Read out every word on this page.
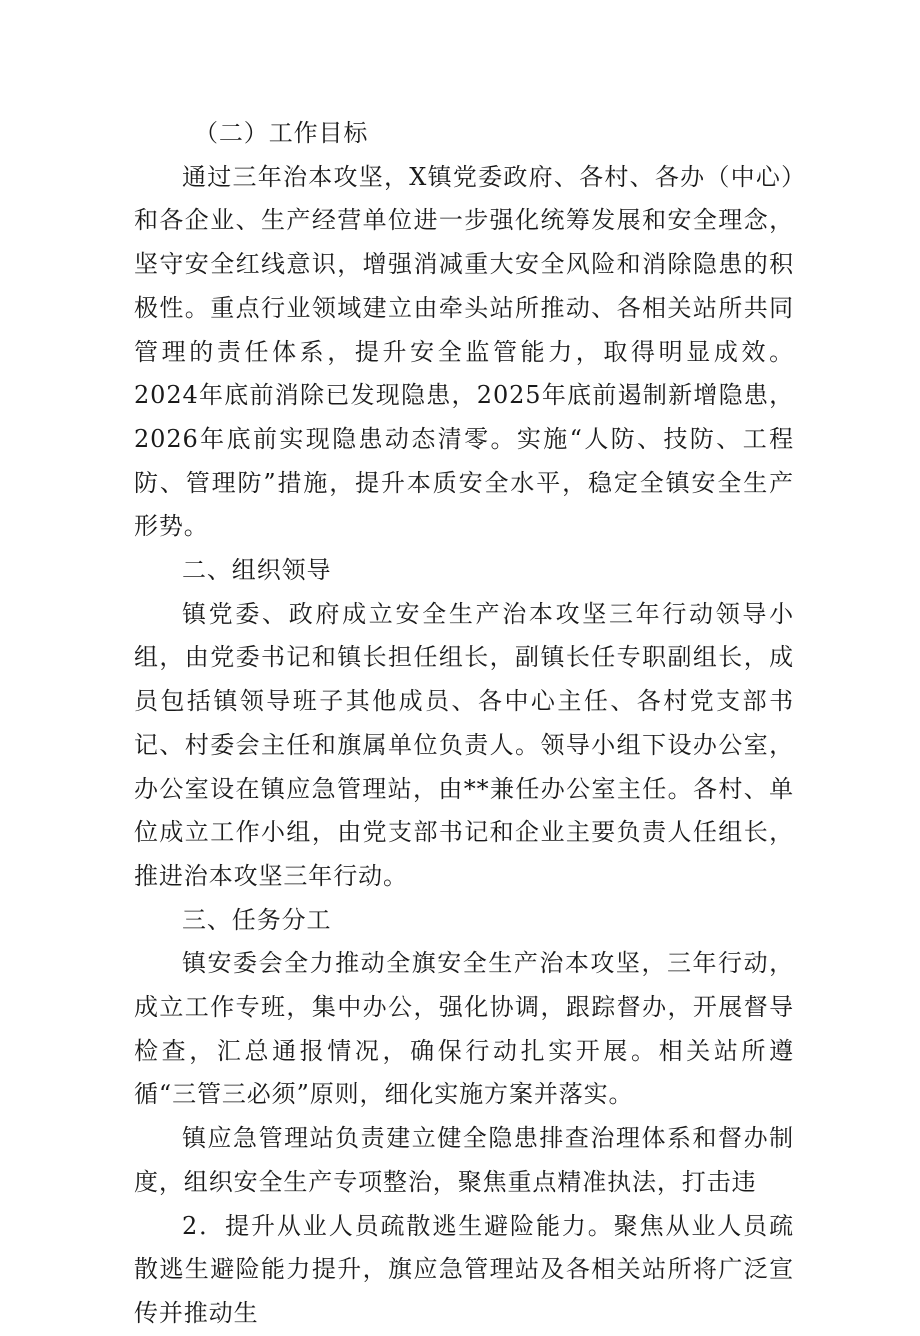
（二）工作目标

通过三年治本攻坚，X镇党委政府、各村、各办（中心）和各企业、生产经营单位进一步强化统筹发展和安全理念，坚守安全红线意识，增强消减重大安全风险和消除隐患的积极性。重点行业领域建立由牵头站所推动、各相关站所共同管理的责任体系，提升安全监管能力，取得明显成效。2024年底前消除已发现隐患，2025年底前遏制新增隐患，2026年底前实现隐患动态清零。实施“人防、技防、工程防、管理防”措施，提升本质安全水平，稳定全镇安全生产形势。

二、组织领导

镇党委、政府成立安全生产治本攻坚三年行动领导小组，由党委书记和镇长担任组长，副镇长任专职副组长，成员包括镇领导班子其他成员、各中心主任、各村党支部书记、村委会主任和旗属单位负责人。领导小组下设办公室，办公室设在镇应急管理站，由**兼任办公室主任。各村、单位成立工作小组，由党支部书记和企业主要负责人任组长，推进治本攻坚三年行动。

三、任务分工

镇安委会全力推动全旗安全生产治本攻坚，三年行动，成立工作专班，集中办公，强化协调，跟踪督办，开展督导检查，汇总通报情况，确保行动扎实开展。相关站所遵循“三管三必须”原则，细化实施方案并落实。

镇应急管理站负责建立健全隐患排查治理体系和督办制度，组织安全生产专项整治，聚焦重点精准执法，打击违

2．提升从业人员疏散逃生避险能力。聚焦从业人员疏散逃生避险能力提升，旗应急管理站及各相关站所将广泛宣传并推动生
